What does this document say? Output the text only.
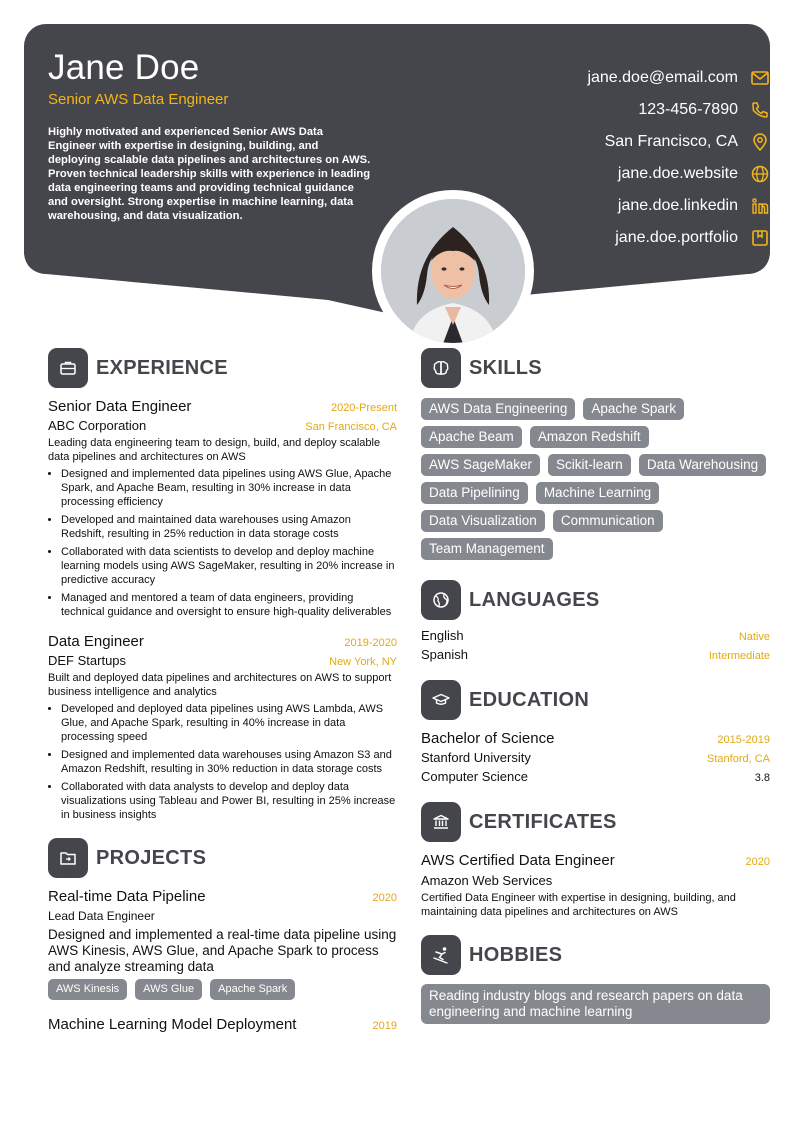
Jane Doe
Senior AWS Data Engineer
Highly motivated and experienced Senior AWS Data Engineer with expertise in designing, building, and deploying scalable data pipelines and architectures on AWS. Proven technical leadership skills with experience in leading data engineering teams and providing technical guidance and oversight. Strong expertise in machine learning, data warehousing, and data visualization.
jane.doe@email.com
123-456-7890
San Francisco, CA
jane.doe.website
jane.doe.linkedin
jane.doe.portfolio
EXPERIENCE
Senior Data Engineer	2020-Present
ABC Corporation	San Francisco, CA
Leading data engineering team to design, build, and deploy scalable data pipelines and architectures on AWS
• Designed and implemented data pipelines using AWS Glue, Apache Spark, and Apache Beam, resulting in 30% increase in data processing efficiency
• Developed and maintained data warehouses using Amazon Redshift, resulting in 25% reduction in data storage costs
• Collaborated with data scientists to develop and deploy machine learning models using AWS SageMaker, resulting in 20% increase in predictive accuracy
• Managed and mentored a team of data engineers, providing technical guidance and oversight to ensure high-quality deliverables
Data Engineer	2019-2020
DEF Startups	New York, NY
Built and deployed data pipelines and architectures on AWS to support business intelligence and analytics
• Developed and deployed data pipelines using AWS Lambda, AWS Glue, and Apache Spark, resulting in 40% increase in data processing speed
• Designed and implemented data warehouses using Amazon S3 and Amazon Redshift, resulting in 30% reduction in data storage costs
• Collaborated with data analysts to develop and deploy data visualizations using Tableau and Power BI, resulting in 25% increase in business insights
PROJECTS
Real-time Data Pipeline	2020
Lead Data Engineer
Designed and implemented a real-time data pipeline using AWS Kinesis, AWS Glue, and Apache Spark to process and analyze streaming data
AWS Kinesis	AWS Glue	Apache Spark
Machine Learning Model Deployment	2019
SKILLS
AWS Data Engineering	Apache Spark
Apache Beam	Amazon Redshift
AWS SageMaker	Scikit-learn	Data Warehousing
Data Pipelining	Machine Learning
Data Visualization	Communication
Team Management
LANGUAGES
English	Native
Spanish	Intermediate
EDUCATION
Bachelor of Science	2015-2019
Stanford University	Stanford, CA
Computer Science	3.8
CERTIFICATES
AWS Certified Data Engineer	2020
Amazon Web Services
Certified Data Engineer with expertise in designing, building, and maintaining data pipelines and architectures on AWS
HOBBIES
Reading industry blogs and research papers on data engineering and machine learning
